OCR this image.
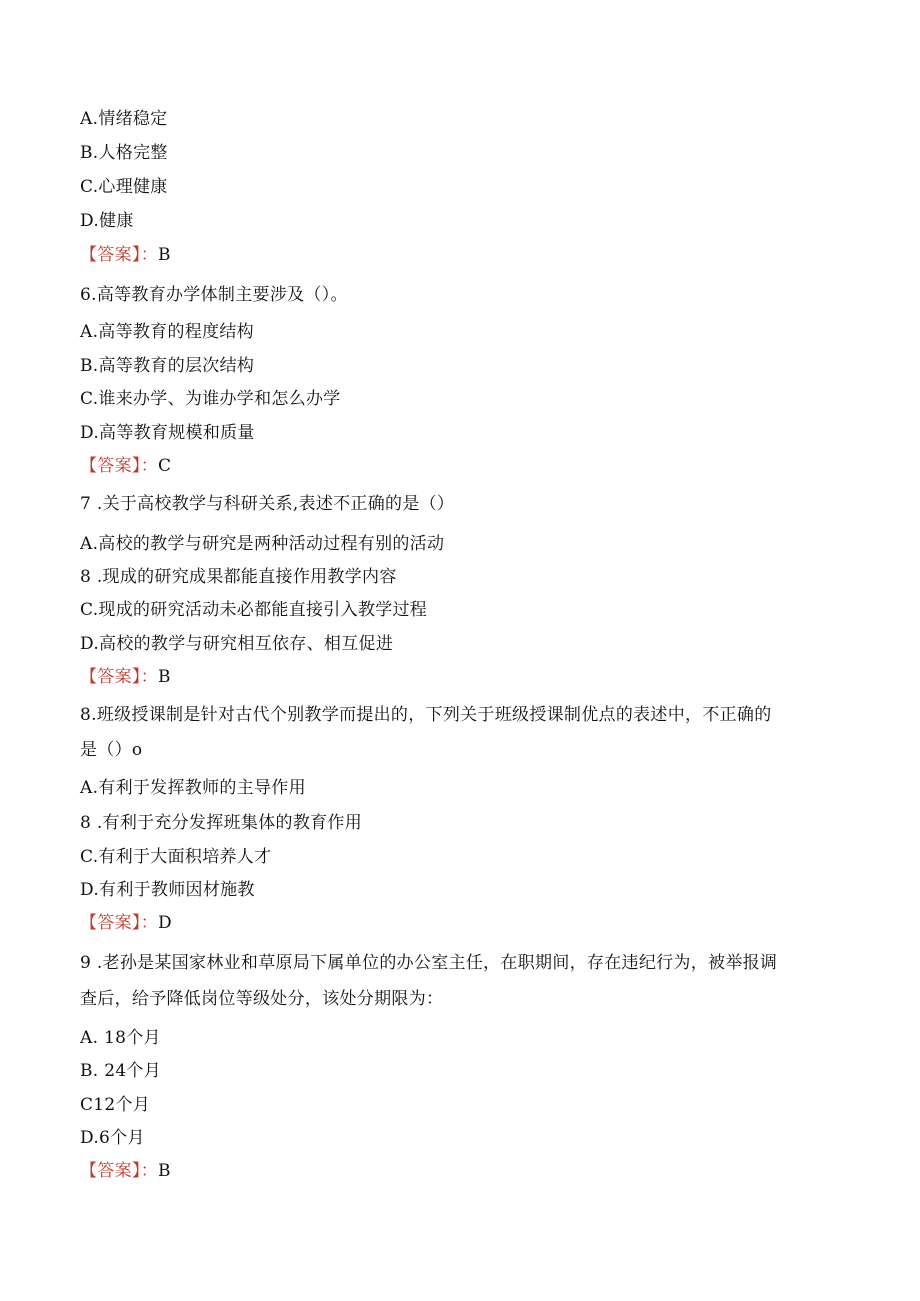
A.情绪稳定
B.人格完整
C.心理健康
D.健康
【答案】：B
6.高等教育办学体制主要涉及（）。
A.高等教育的程度结构
B.高等教育的层次结构
C.谁来办学、为谁办学和怎么办学
D.高等教育规模和质量
【答案】：C
7 .关于高校教学与科研关系,表述不正确的是（）
A.高校的教学与研究是两种活动过程有别的活动
8 .现成的研究成果都能直接作用教学内容
C.现成的研究活动未必都能直接引入教学过程
D.高校的教学与研究相互依存、相互促进
【答案】：B
8.班级授课制是针对古代个别教学而提出的，下列关于班级授课制优点的表述中，不正确的
是（）o
A.有利于发挥教师的主导作用
8 .有利于充分发挥班集体的教育作用
C.有利于大面积培养人才
D.有利于教师因材施教
【答案】：D
9 .老孙是某国家林业和草原局下属单位的办公室主任，在职期间，存在违纪行为，被举报调
查后，给予降低岗位等级处分，该处分期限为：
A. 18个月
B. 24个月
C12个月
D.6个月
【答案】：B
